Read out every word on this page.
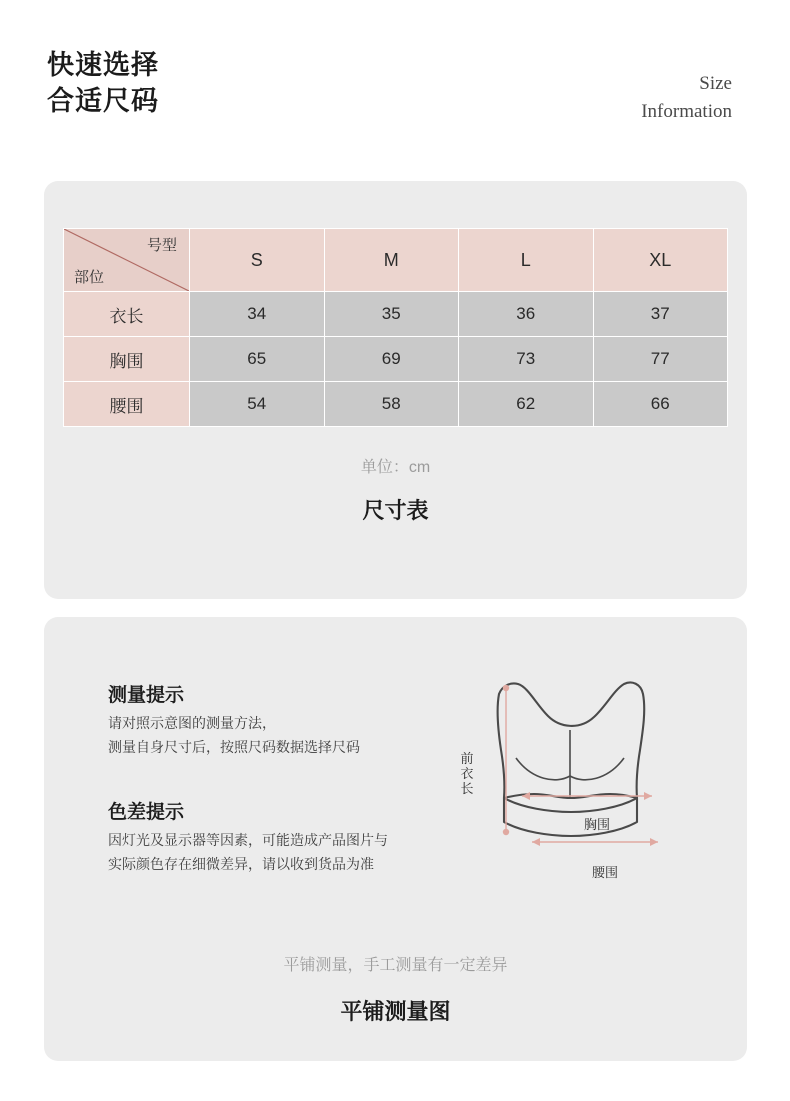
快速选择
合适尺码
Size
Information
号型
部位	S	M	L	XL
衣长	34	35	36	37
胸围	65	69	73	77
腰围	54	58	62	66
单位：cm
尺寸表
测量提示
请对照示意图的测量方法，
测量自身尺寸后，按照尺码数据选择尺码
色差提示
因灯光及显示器等因素，可能造成产品图片与
实际颜色存在细微差异，请以收到货品为准
前衣长
胸围
腰围
平铺测量，手工测量有一定差异
平铺测量图
